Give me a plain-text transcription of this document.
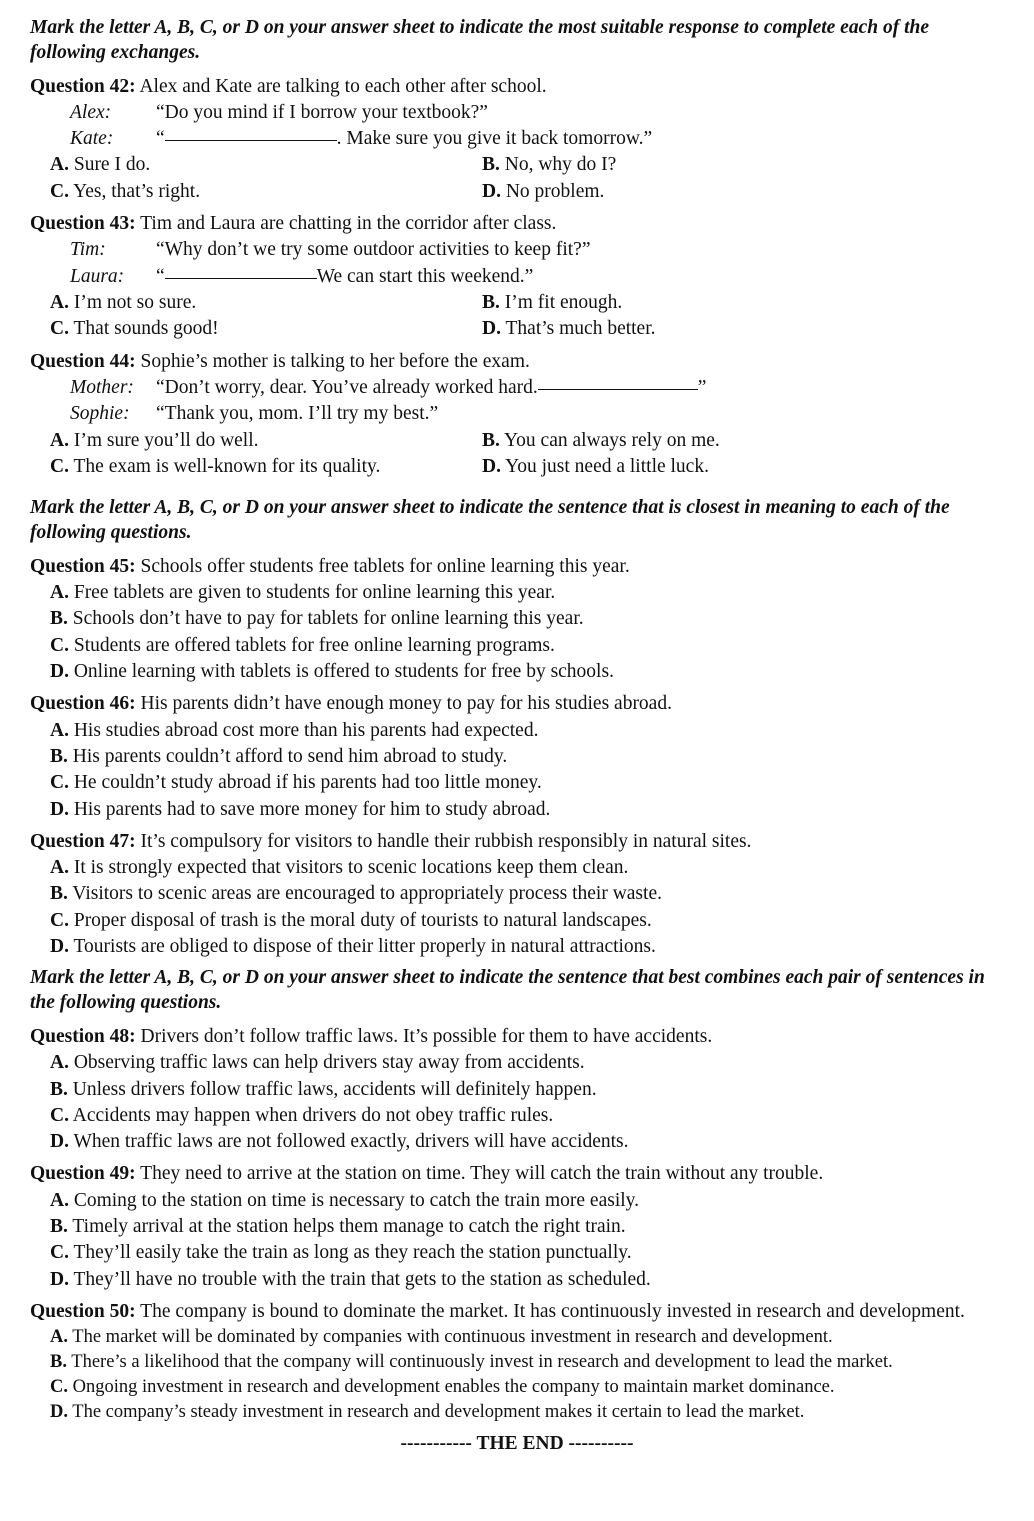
Mark the letter A, B, C, or D on your answer sheet to indicate the most suitable response to complete each of the following exchanges.

Question 42: Alex and Kate are talking to each other after school.

Alex:	“Do you mind if I borrow your textbook?”
Kate:	“	. Make sure you give it back tomorrow.”
A. Sure I do.	B. No, why do I?
C. Yes, that’s right.	D. No problem.

Question 43: Tim and Laura are chatting in the corridor after class.

Tim:	“Why don’t we try some outdoor activities to keep fit?”
Laura:	“	We can start this weekend.”
A. I’m not so sure.	B. I’m fit enough.
C. That sounds good!	D. That’s much better.

Question 44: Sophie’s mother is talking to her before the exam.

Mother:	“Don’t worry, dear. You’ve already worked hard.	”
Sophie:	“Thank you, mom. I’ll try my best.”
A. I’m sure you’ll do well.	B. You can always rely on me.
C. The exam is well-known for its quality.	D. You just need a little luck.
Mark the letter A, B, C, or D on your answer sheet to indicate the sentence that is closest in meaning to each of the following questions.

Question 45: Schools offer students free tablets for online learning this year.

A. Free tablets are given to students for online learning this year.
B. Schools don’t have to pay for tablets for online learning this year.
C. Students are offered tablets for free online learning programs.
D. Online learning with tablets is offered to students for free by schools.

Question 46: His parents didn’t have enough money to pay for his studies abroad.

A. His studies abroad cost more than his parents had expected.
B. His parents couldn’t afford to send him abroad to study.
C. He couldn’t study abroad if his parents had too little money.
D. His parents had to save more money for him to study abroad.

Question 47: It’s compulsory for visitors to handle their rubbish responsibly in natural sites.

A. It is strongly expected that visitors to scenic locations keep them clean.
B. Visitors to scenic areas are encouraged to appropriately process their waste.
C. Proper disposal of trash is the moral duty of tourists to natural landscapes.
D. Tourists are obliged to dispose of their litter properly in natural attractions.
Mark the letter A, B, C, or D on your answer sheet to indicate the sentence that best combines each pair of sentences in the following questions.

Question 48: Drivers don’t follow traffic laws. It’s possible for them to have accidents.

A. Observing traffic laws can help drivers stay away from accidents.
B. Unless drivers follow traffic laws, accidents will definitely happen.
C. Accidents may happen when drivers do not obey traffic rules.
D. When traffic laws are not followed exactly, drivers will have accidents.

Question 49: They need to arrive at the station on time. They will catch the train without any trouble.

A. Coming to the station on time is necessary to catch the train more easily.
B. Timely arrival at the station helps them manage to catch the right train.
C. They’ll easily take the train as long as they reach the station punctually.
D. They’ll have no trouble with the train that gets to the station as scheduled.

Question 50: The company is bound to dominate the market. It has continuously invested in research and development.

A. The market will be dominated by companies with continuous investment in research and development.
B. There’s a likelihood that the company will continuously invest in research and development to lead the market.
C. Ongoing investment in research and development enables the company to maintain market dominance.
D. The company’s steady investment in research and development makes it certain to lead the market.
----------- THE END ----------
